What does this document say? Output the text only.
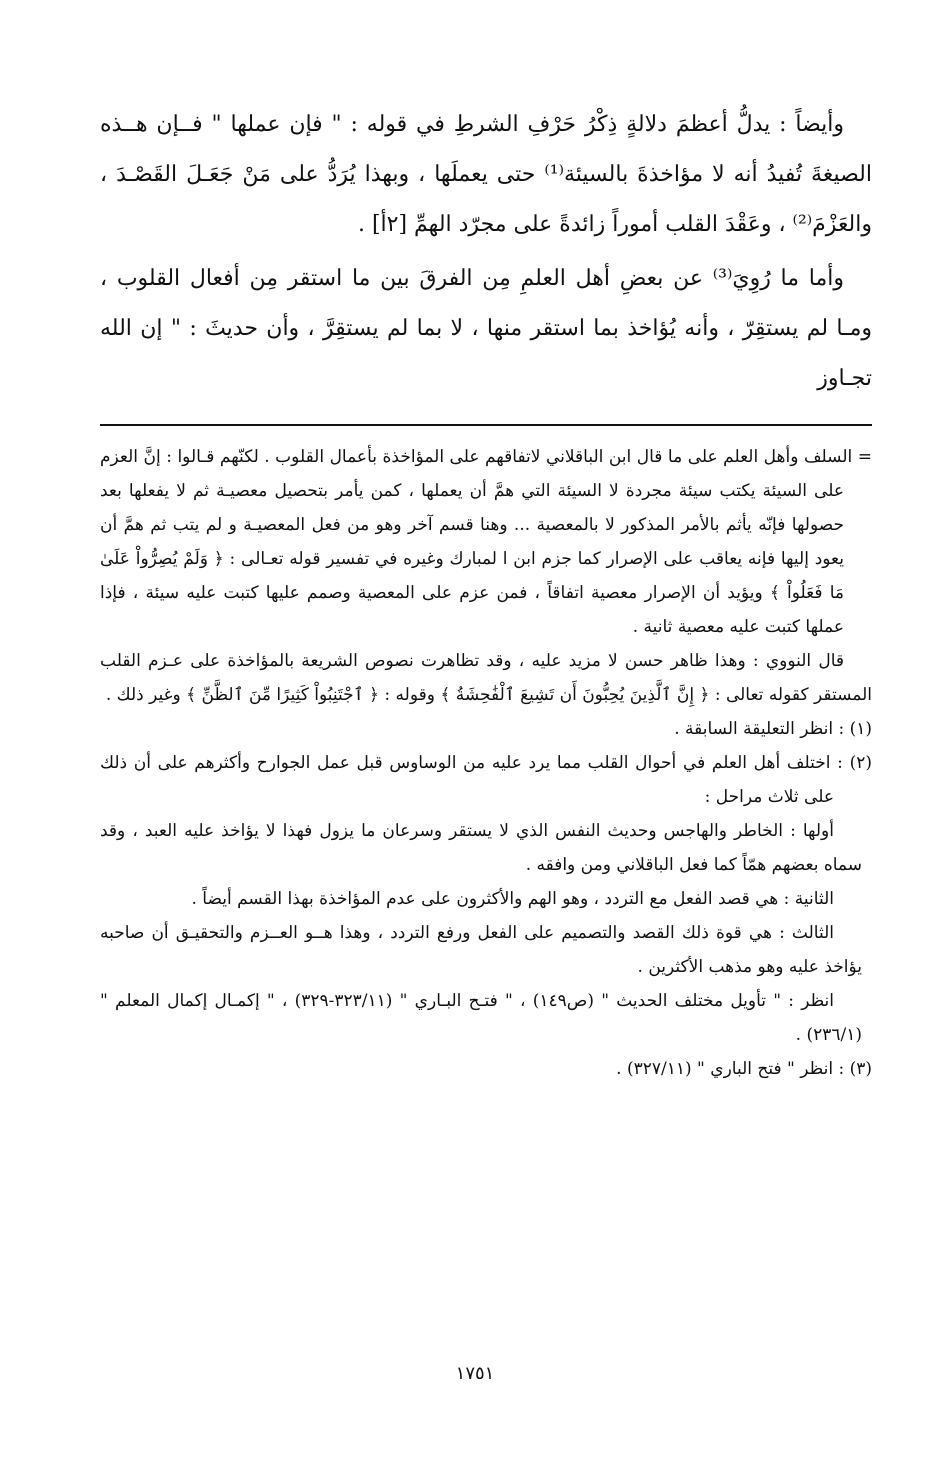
وأيضاً : يدلُّ أعظمَ دلالةٍ ذِكْرُ حَرْفِ الشرطِ في قوله : " فإن عملها " فــإن هــذه الصيغةَ تُفيدُ أنه لا مؤاخذةَ بالسيئة⁽¹⁾ حتى يعملَها ، وبهذا يُرَدُّ على مَنْ جَعَـلَ القَصْـدَ ، والعَزْمَ⁽²⁾ ، وعَقْدَ القلب أموراً زائدةً على مجرّد الهمِّ [٢أ] .

وأما ما رُوِيَ⁽³⁾ عن بعضِ أهل العلمِ مِن الفرقَ بين ما استقر مِن أفعال القلوب ، ومـا لم يستقِرّ ، وأنه يُؤاخذ بما استقر منها ، لا بما لم يستقِرَّ ، وأن حديثَ : " إن الله تجـاوز

= السلف وأهل العلم على ما قال ابن الباقلاني لاتفاقهم على المؤاخذة بأعمال القلوب . لكنّهم قـالوا : إنَّ العزم على السيئة يكتب سيئة مجردة لا السيئة التي همَّ أن يعملها ، كمن يأمر بتحصيل معصيـة ثم لا يفعلها بعد حصولها فإنّه يأثم بالأمر المذكور لا بالمعصية ... وهنا قسم آخر وهو من فعل المعصيـة و لم يتب ثم همَّ أن يعود إليها فإنه يعاقب على الإصرار كما جزم ابن ا لمبارك وغيره في تفسير قوله تعـالى : ﴿ وَلَمْ يُصِرُّواْ عَلَىٰ مَا فَعَلُواْ ﴾ ويؤيد أن الإصرار معصية اتفاقاً ، فمن عزم على المعصية وصمم عليها كتبت عليه سيئة ، فإذا عملها كتبت عليه معصية ثانية .

قال النووي : وهذا ظاهر حسن لا مزيد عليه ، وقد تظاهرت نصوص الشريعة بالمؤاخذة على عـزم القلب المستقر كقوله تعالى : ﴿ إِنَّ ٱلَّذِينَ يُحِبُّونَ أَن تَشِيعَ ٱلْفَٰحِشَةُ ﴾ وقوله : ﴿ ٱجْتَنِبُواْ كَثِيرًا مِّنَ ٱلظَّنِّ ﴾ وغير ذلك .

(١) : انظر التعليقة السابقة .

(٢) : اختلف أهل العلم في أحوال القلب مما يرد عليه من الوساوس قبل عمل الجوارح وأكثرهم على أن ذلك على ثلاث مراحل :

أولها : الخاطر والهاجس وحديث النفس الذي لا يستقر وسرعان ما يزول فهذا لا يؤاخذ عليه العبد ، وقد سماه بعضهم همّاً كما فعل الباقلاني ومن وافقه .

الثانية : هي قصد الفعل مع التردد ، وهو الهم والأكثرون على عدم المؤاخذة بهذا القسم أيضاً .

الثالث : هي قوة ذلك القصد والتصميم على الفعل ورفع التردد ، وهذا هــو العــزم والتحقيـق أن صاحبه يؤاخذ عليه وهو مذهب الأكثرين .

انظر : " تأويل مختلف الحديث " (ص١٤٩) ، " فتـح البـاري " (٣٢٣/١١-٣٢٩) ، " إكمـال إكمال المعلم " (٢٣٦/١) .

(٣) : انظر " فتح الباري " (٣٢٧/١١) .

١٧٥١
